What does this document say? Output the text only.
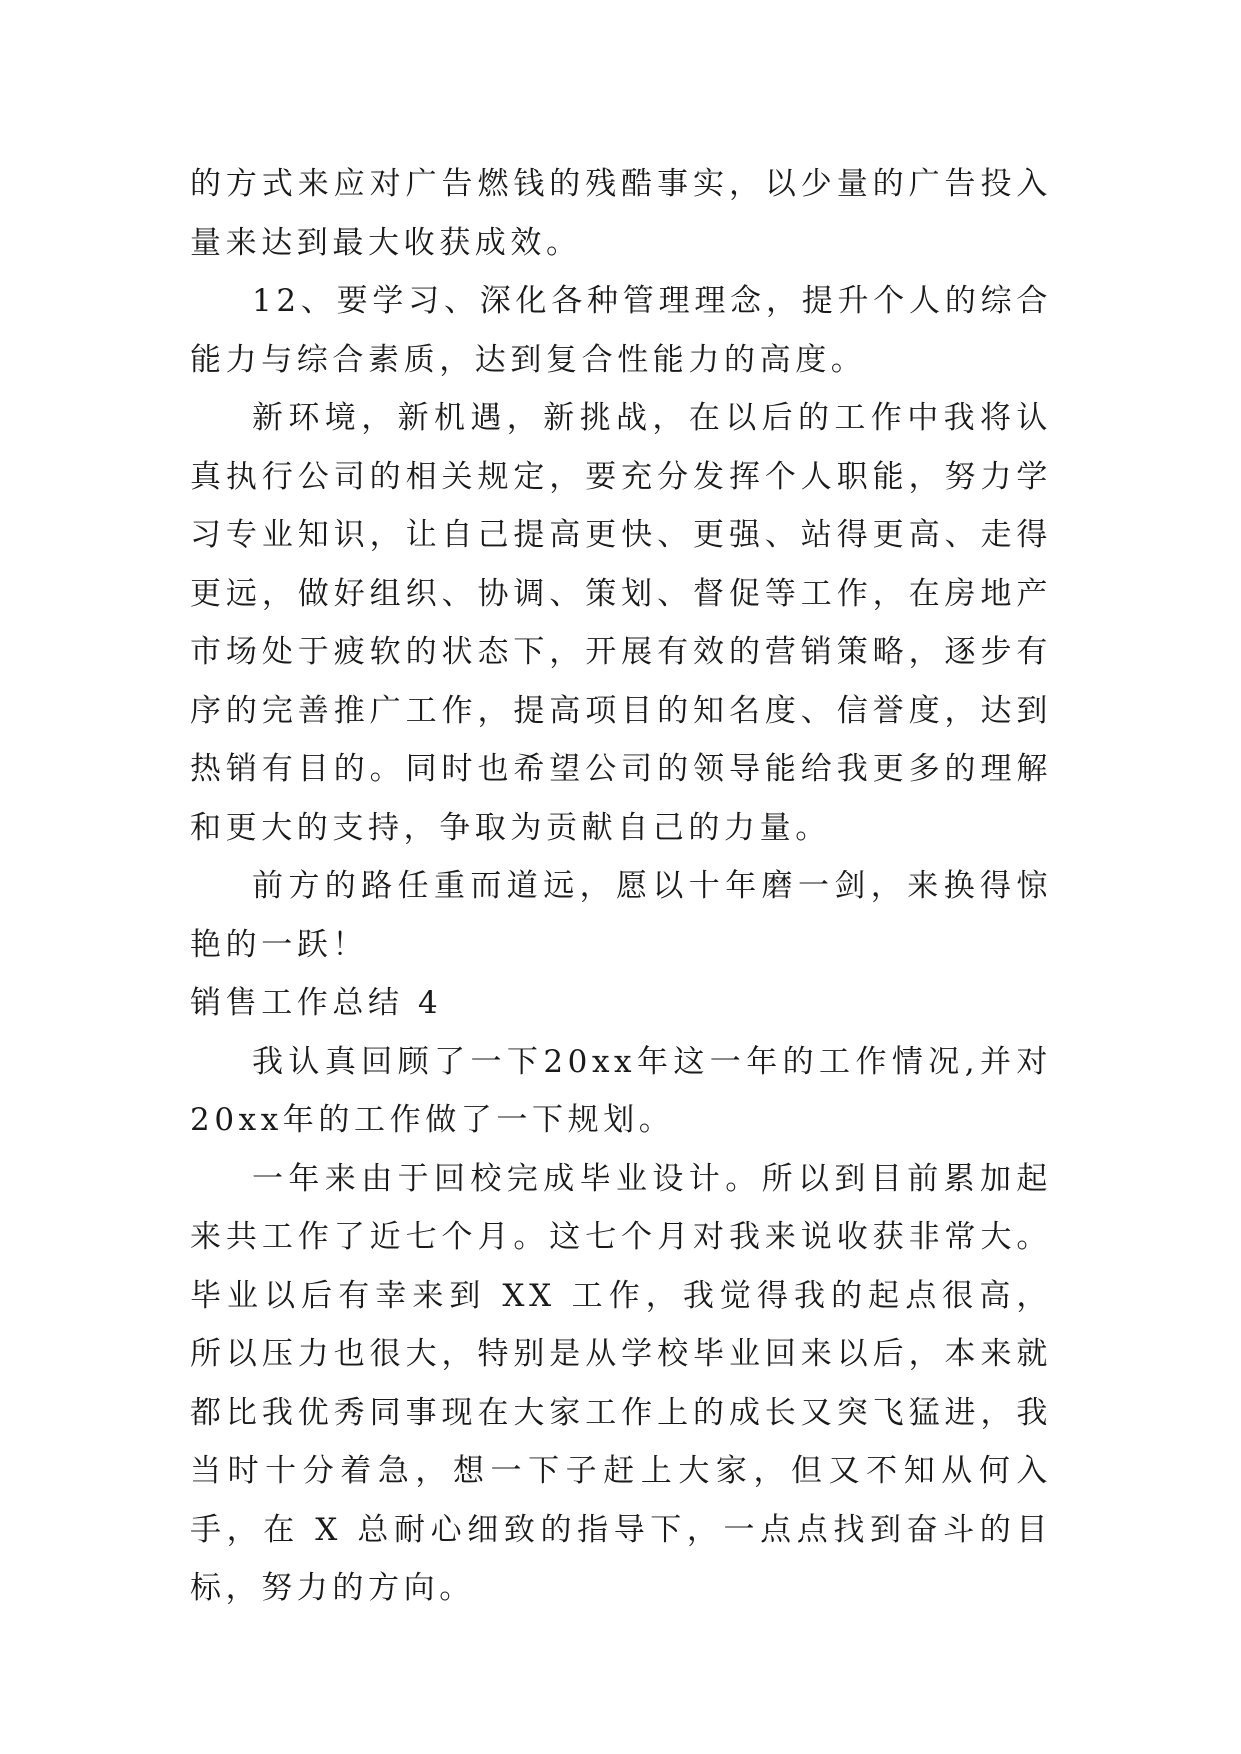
的方式来应对广告燃钱的残酷事实，以少量的广告投入量来达到最大收获成效。

12、要学习、深化各种管理理念，提升个人的综合能力与综合素质，达到复合性能力的高度。

新环境，新机遇，新挑战，在以后的工作中我将认真执行公司的相关规定，要充分发挥个人职能，努力学习专业知识，让自己提高更快、更强、站得更高、走得更远，做好组织、协调、策划、督促等工作，在房地产市场处于疲软的状态下，开展有效的营销策略，逐步有序的完善推广工作，提高项目的知名度、信誉度，达到热销有目的。同时也希望公司的领导能给我更多的理解和更大的支持，争取为贡献自己的力量。

前方的路任重而道远，愿以十年磨一剑，来换得惊艳的一跃！

销售工作总结 4

我认真回顾了一下20xx年这一年的工作情况,并对20xx年的工作做了一下规划。

一年来由于回校完成毕业设计。所以到目前累加起来共工作了近七个月。这七个月对我来说收获非常大。毕业以后有幸来到 XX 工作，我觉得我的起点很高，所以压力也很大，特别是从学校毕业回来以后，本来就都比我优秀同事现在大家工作上的成长又突飞猛进，我当时十分着急，想一下子赶上大家，但又不知从何入手，在 X 总耐心细致的指导下，一点点找到奋斗的目标，努力的方向。
